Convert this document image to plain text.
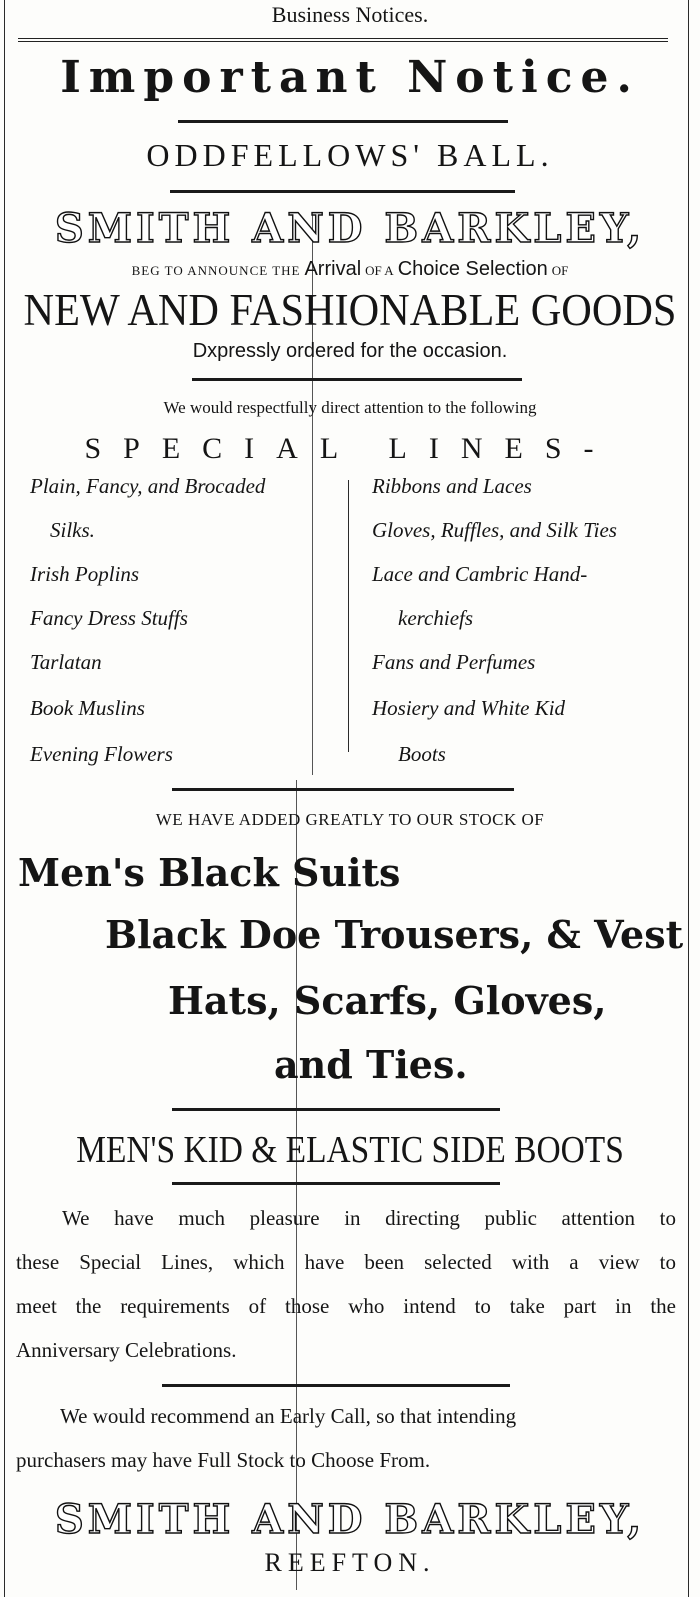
Business Notices.
Important Notice.
ODDFELLOWS' BALL.
SMITH AND BARKLEY,
BEG TO ANNOUNCE THE Arrival OF A Choice Selection OF
NEW AND FASHIONABLE GOODS
Dxpressly ordered for the occasion.
We would respectfully direct attention to the following
SPECIAL LINES-
Plain, Fancy, and Brocaded
Silks.
Irish Poplins
Fancy Dress Stuffs
Tarlatan
Book Muslins
Evening Flowers
Ribbons and Laces
Gloves, Ruffles, and Silk Ties
Lace and Cambric Hand-
kerchiefs
Fans and Perfumes
Hosiery and White Kid
Boots
WE HAVE ADDED GREATLY TO OUR STOCK OF
Men's Black Suits
Black Doe Trousers, & Vest
Hats, Scarfs, Gloves,
and Ties.
MEN'S KID & ELASTIC SIDE BOOTS
We have much pleasure in directing public attention to
these Special Lines, which have been selected with a view to
meet the requirements of those who intend to take part in the
Anniversary Celebrations.
We would recommend an Early Call, so that intending
purchasers may have Full Stock to Choose From.
SMITH AND BARKLEY,
REEFTON.
